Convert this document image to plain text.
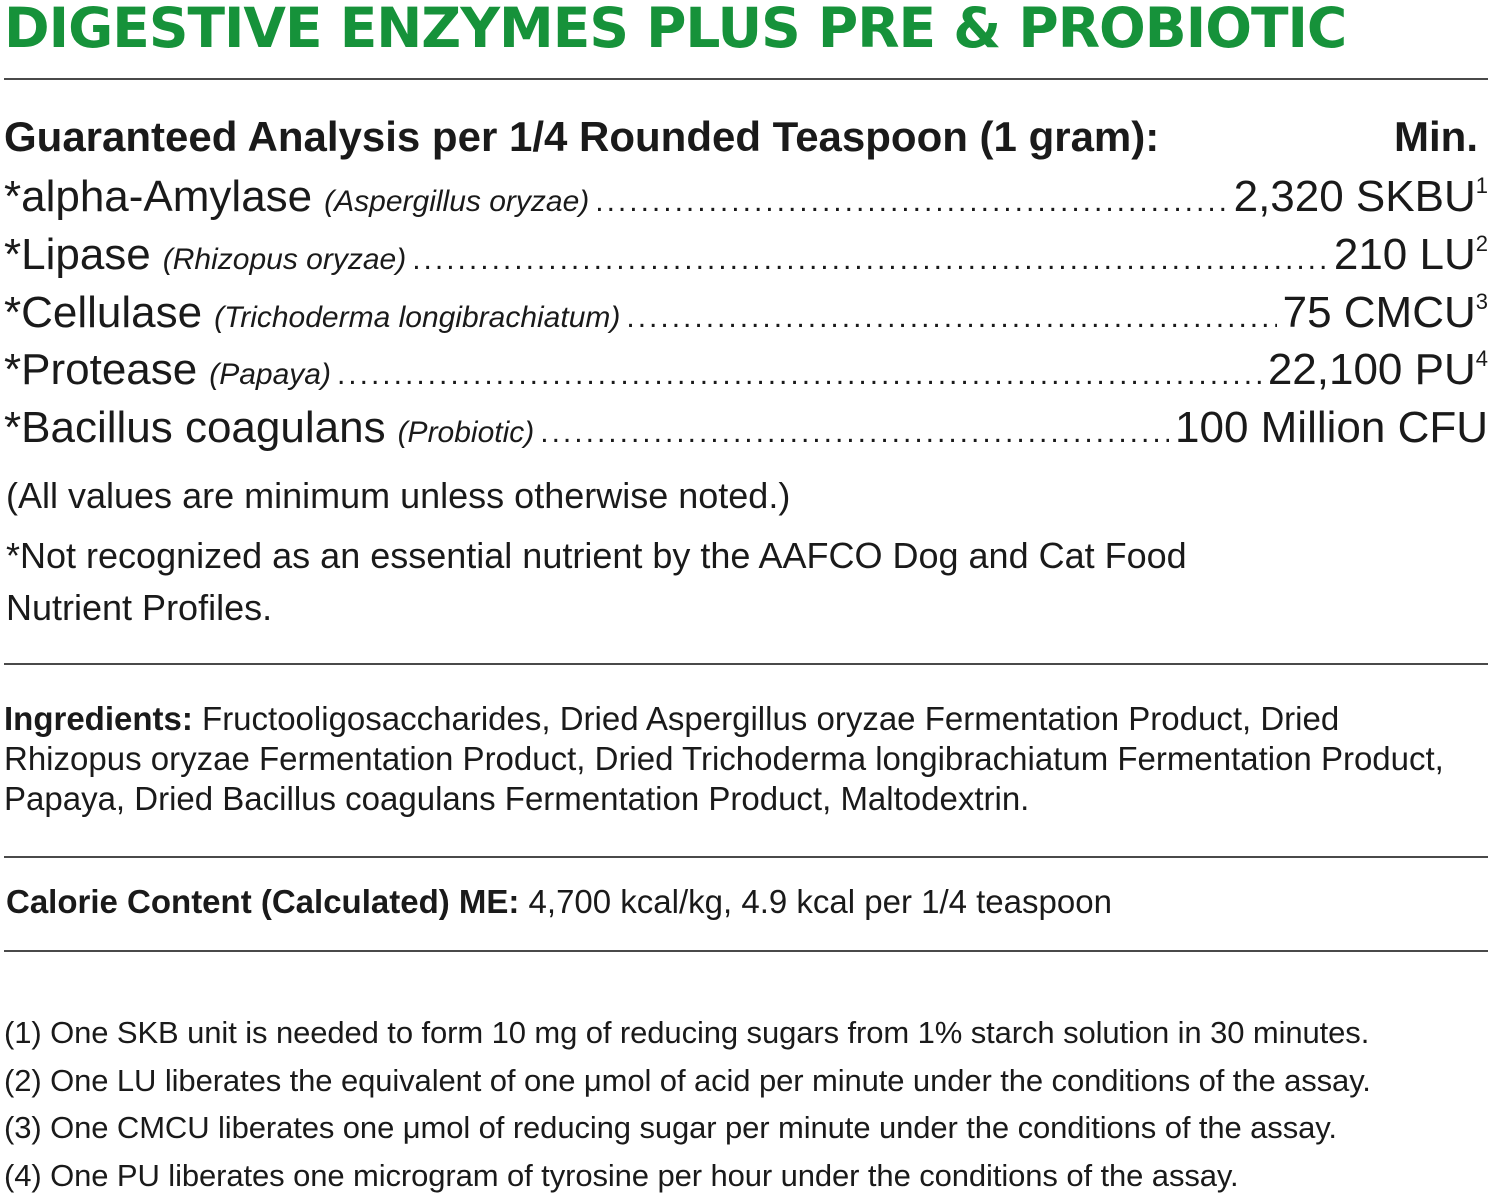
DIGESTIVE ENZYMES PLUS PRE & PROBIOTIC
Guaranteed Analysis per 1/4 Rounded Teaspoon (1 gram):	Min.
*alpha-Amylase (Aspergillus oryzae) .....	2,320 SKBU$^1$
*Lipase (Rhizopus oryzae) .....	210 $LU^2$
*Cellulase (Trichoderma longibrachiatum) .....	75 CMCU$^3$
*Protease (Papaya) .....	22,100 $PU^4$
*Bacillus coagulans (Probiotic) .....	100 Million CFU

(All values are minimum unless otherwise noted.)

*Not recognized as an essential nutrient by the AAFCO Dog and Cat Food

Nutrient Profiles.

Ingredients: Fructooligosaccharides, Dried Aspergillus oryzae Fermentation Product, Dried Rhizopus oryzae Fermentation Product, Dried Trichoderma longibrachiatum Fermentation Product, Papaya, Dried Bacillus coagulans Fermentation Product, Maltodextrin.

Calorie Content (Calculated) ME: 4,700 kcal/kg, 4.9 kcal per 1/4 teaspoon

(1) One SKB unit is needed to form 10 mg of reducing sugars from 1% starch solution in 30 minutes.

(2) One LU liberates the equivalent of one μmol of acid per minute under the conditions of the assay.

(3) One CMCU liberates one μmol of reducing sugar per minute under the conditions of the assay.

(4) One PU liberates one microgram of tyrosine per hour under the conditions of the assay.
